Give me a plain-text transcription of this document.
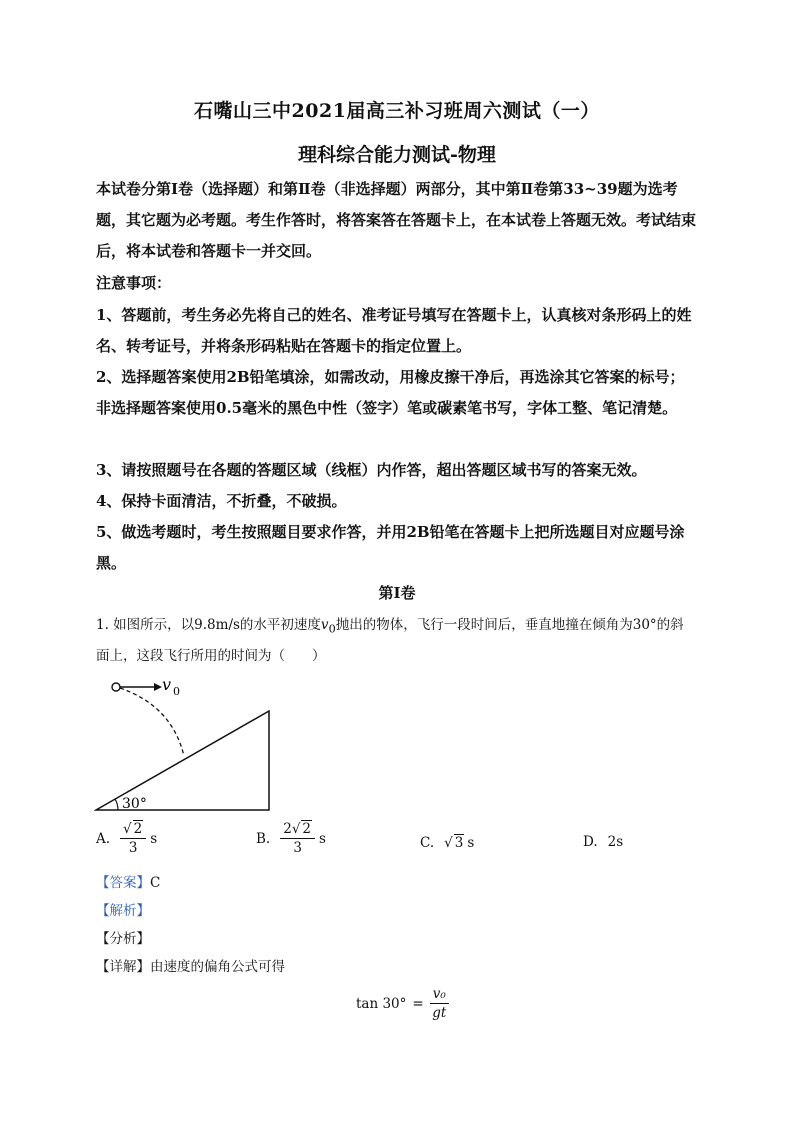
石嘴山三中2021届高三补习班周六测试（一）
理科综合能力测试-物理
本试卷分第Ⅰ卷（选择题）和第Ⅱ卷（非选择题）两部分，其中第Ⅱ卷第33~39题为选考题，其它题为必考题。考生作答时，将答案答在答题卡上，在本试卷上答题无效。考试结束后，将本试卷和答题卡一并交回。
注意事项：
1、答题前，考生务必先将自己的姓名、准考证号填写在答题卡上，认真核对条形码上的姓名、转考证号，并将条形码粘贴在答题卡的指定位置上。
2、选择题答案使用2B铅笔填涂，如需改动，用橡皮擦干净后，再选涂其它答案的标号；非选择题答案使用0.5毫米的黑色中性（签字）笔或碳素笔书写，字体工整、笔记清楚。
3、请按照题号在各题的答题区域（线框）内作答，超出答题区域书写的答案无效。
4、保持卡面清洁，不折叠，不破损。
5、做选考题时，考生按照题目要求作答，并用2B铅笔在答题卡上把所选题目对应题号涂黑。
第Ⅰ卷
1. 如图所示，以9.8m/s的水平初速度$v_0$抛出的物体，飞行一段时间后，垂直地撞在倾角为30°的斜面上，这段飞行所用的时间为（　　）
v 0
30°
A. $\frac{√ 2}{3}$ s	B. $\frac{2√ 2}{3}$ s	C. √ 3 s	D. 2s
【答案】C
【解析】
【分析】
【详解】由速度的偏角公式可得
$\tan 30^\circ = \frac{\text{v₀}}{gt}$
